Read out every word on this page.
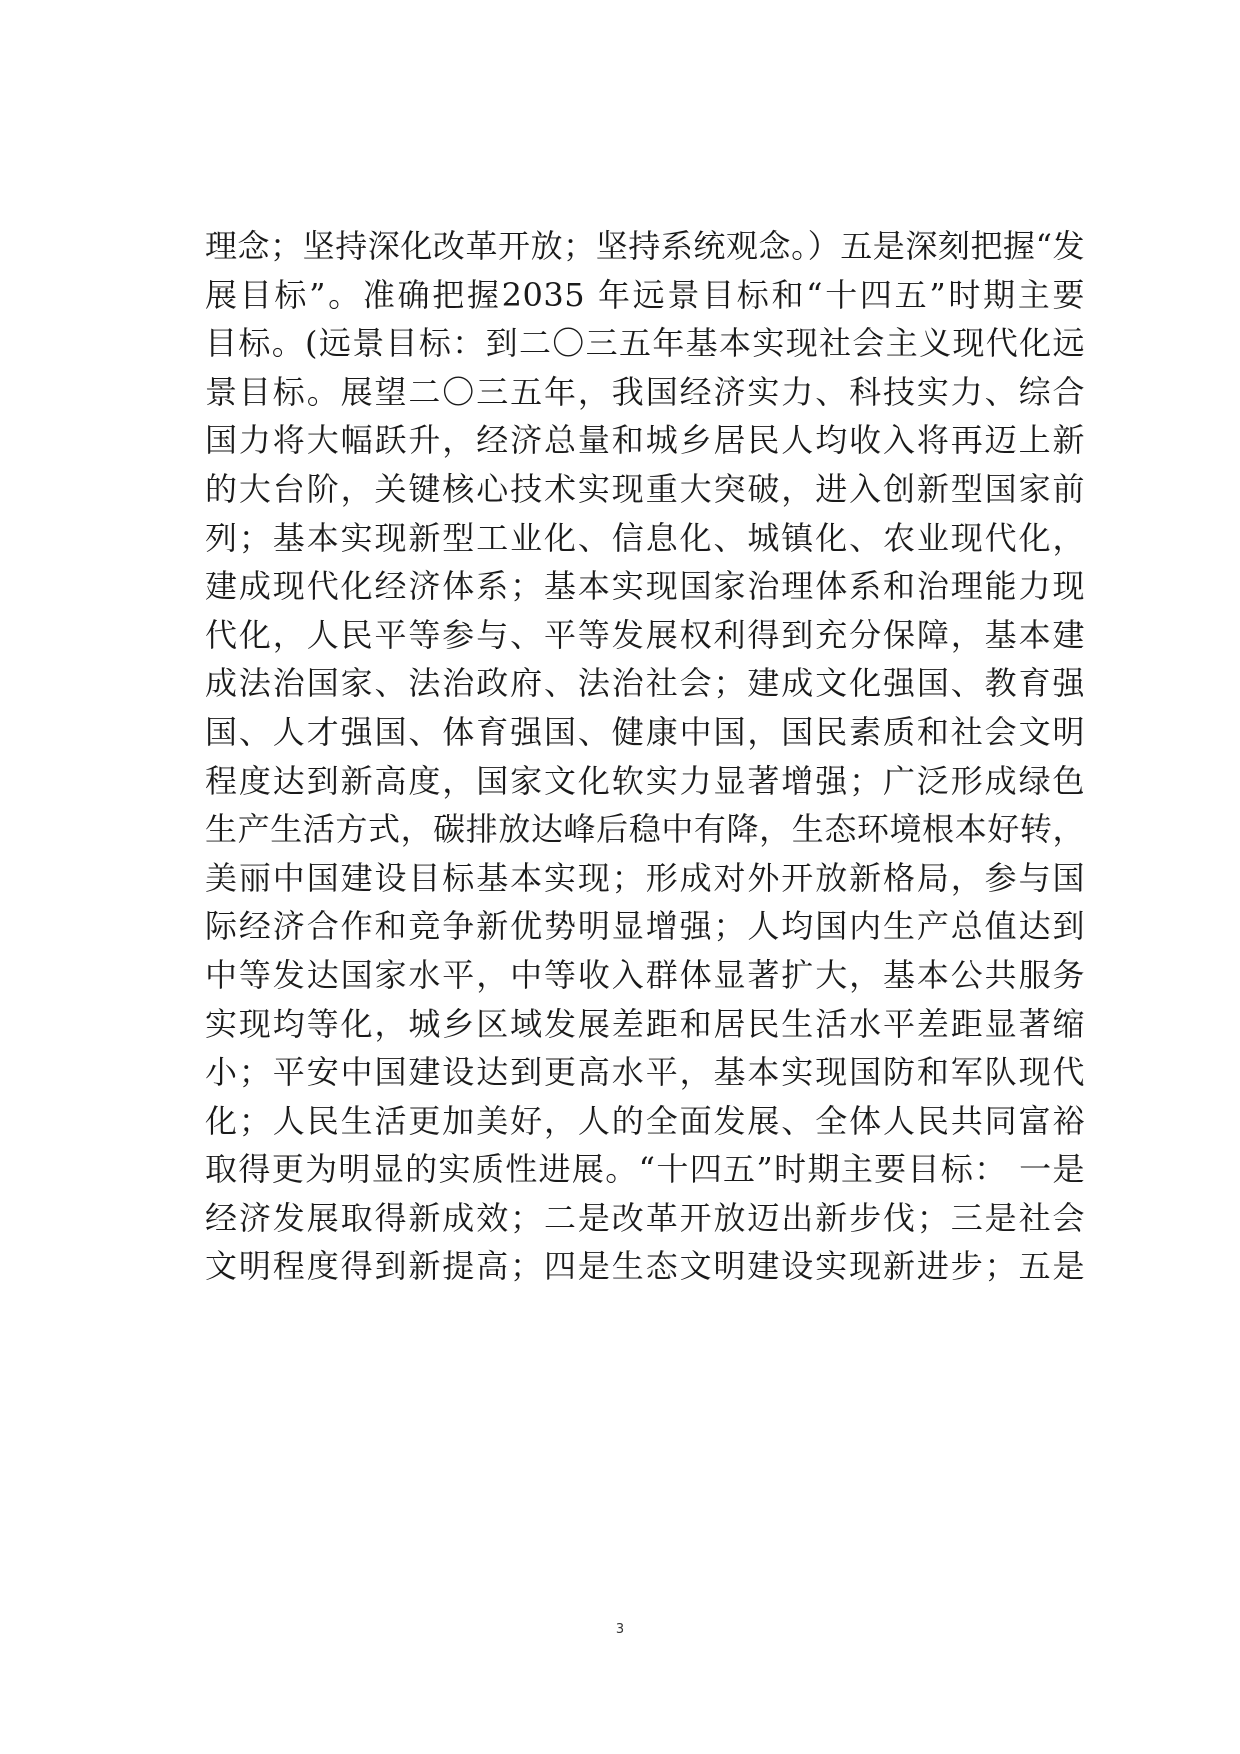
理念；坚持深化改革开放；坚持系统观念。）五是深刻把握“发
展目标”。准确把握2035 年远景目标和“十四五”时期主要
目标。(远景目标：到二〇三五年基本实现社会主义现代化远
景目标。展望二〇三五年，我国经济实力、科技实力、综合
国力将大幅跃升，经济总量和城乡居民人均收入将再迈上新
的大台阶，关键核心技术实现重大突破，进入创新型国家前
列；基本实现新型工业化、信息化、城镇化、农业现代化，
建成现代化经济体系；基本实现国家治理体系和治理能力现
代化，人民平等参与、平等发展权利得到充分保障，基本建
成法治国家、法治政府、法治社会；建成文化强国、教育强
国、人才强国、体育强国、健康中国，国民素质和社会文明
程度达到新高度，国家文化软实力显著增强；广泛形成绿色
生产生活方式，碳排放达峰后稳中有降，生态环境根本好转，
美丽中国建设目标基本实现；形成对外开放新格局，参与国
际经济合作和竞争新优势明显增强；人均国内生产总值达到
中等发达国家水平，中等收入群体显著扩大，基本公共服务
实现均等化，城乡区域发展差距和居民生活水平差距显著缩
小；平安中国建设达到更高水平，基本实现国防和军队现代
化；人民生活更加美好，人的全面发展、全体人民共同富裕
取得更为明显的实质性进展。“十四五”时期主要目标： 一是
经济发展取得新成效；二是改革开放迈出新步伐；三是社会
文明程度得到新提高；四是生态文明建设实现新进步；五是
3
